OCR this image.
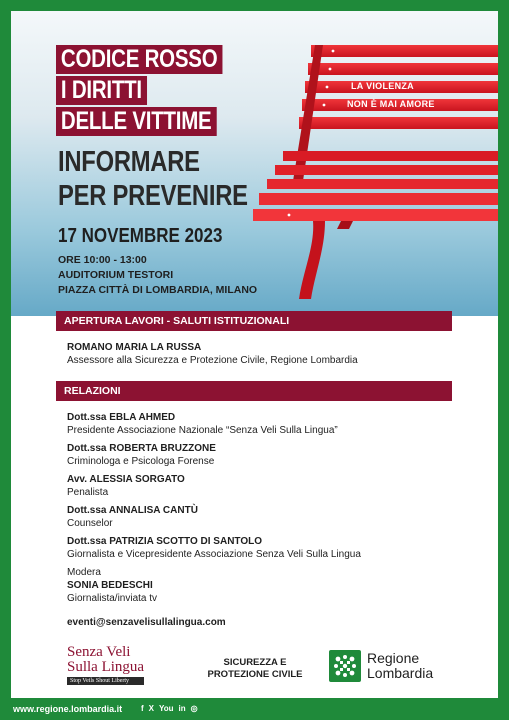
LA VIOLENZA
NON È MAI AMORE
CODICE ROSSO
I DIRITTI
DELLE VITTIME
INFORMARE
PER PREVENIRE
17 NOVEMBRE 2023
ORE 10:00 - 13:00
AUDITORIUM TESTORI
PIAZZA CITTÀ DI LOMBARDIA, MILANO
APERTURA LAVORI - SALUTI ISTITUZIONALI
ROMANO MARIA LA RUSSA
Assessore alla Sicurezza e Protezione Civile, Regione Lombardia
RELAZIONI
Dott.ssa EBLA AHMED
Presidente Associazione Nazionale “Senza Veli Sulla Lingua”
Dott.ssa ROBERTA BRUZZONE
Criminologa e Psicologa Forense
Avv. ALESSIA SORGATO
Penalista
Dott.ssa ANNALISA CANTÙ
Counselor
Dott.ssa PATRIZIA SCOTTO DI SANTOLO
Giornalista e Vicepresidente Associazione Senza Veli Sulla Lingua
Modera
SONIA BEDESCHI
Giornalista/inviata tv
eventi@senzavelisullalingua.com
Senza Veli
Sulla Lingua
Stop Veils Shout Liberty
SICUREZZA E
PROTEZIONE CIVILE
Regione
Lombardia
www.regione.lombardia.it f X You in ◎
